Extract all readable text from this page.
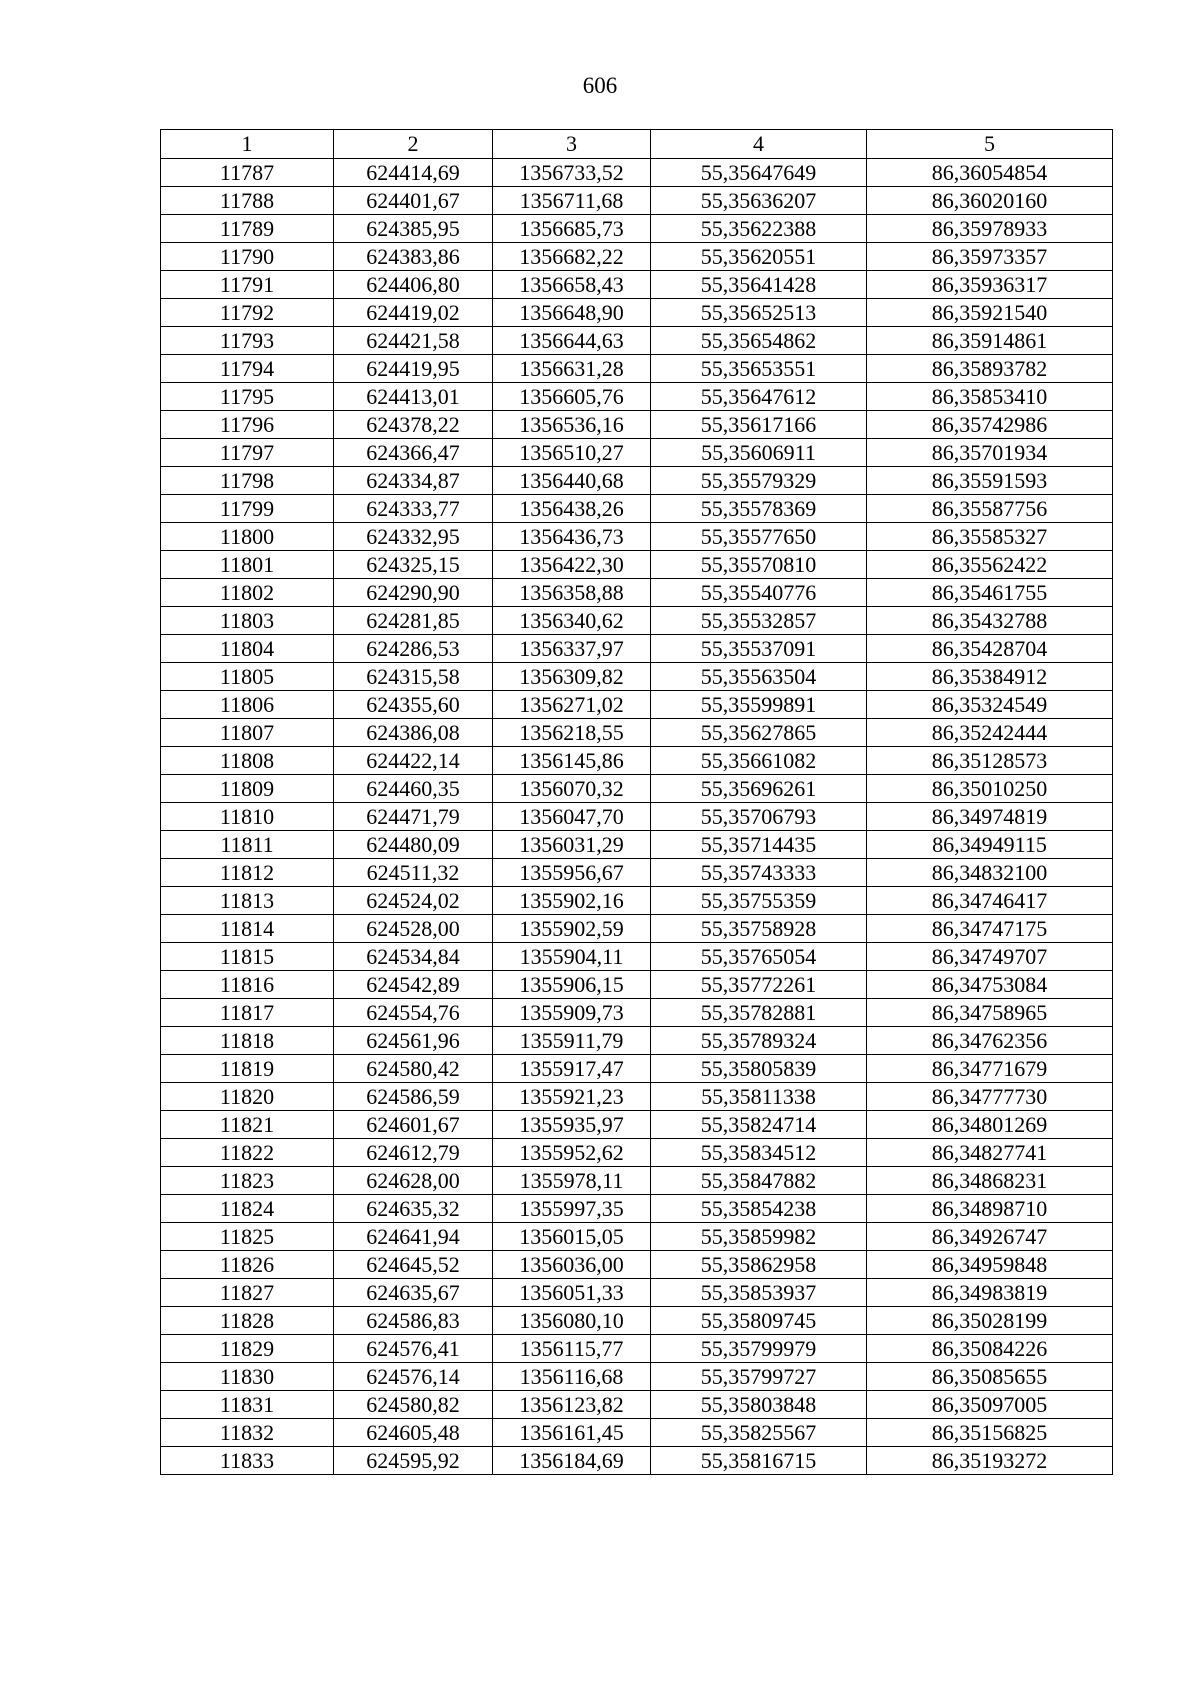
606
1	2	3	4	5
11787	624414,69	1356733,52	55,35647649	86,36054854
11788	624401,67	1356711,68	55,35636207	86,36020160
11789	624385,95	1356685,73	55,35622388	86,35978933
11790	624383,86	1356682,22	55,35620551	86,35973357
11791	624406,80	1356658,43	55,35641428	86,35936317
11792	624419,02	1356648,90	55,35652513	86,35921540
11793	624421,58	1356644,63	55,35654862	86,35914861
11794	624419,95	1356631,28	55,35653551	86,35893782
11795	624413,01	1356605,76	55,35647612	86,35853410
11796	624378,22	1356536,16	55,35617166	86,35742986
11797	624366,47	1356510,27	55,35606911	86,35701934
11798	624334,87	1356440,68	55,35579329	86,35591593
11799	624333,77	1356438,26	55,35578369	86,35587756
11800	624332,95	1356436,73	55,35577650	86,35585327
11801	624325,15	1356422,30	55,35570810	86,35562422
11802	624290,90	1356358,88	55,35540776	86,35461755
11803	624281,85	1356340,62	55,35532857	86,35432788
11804	624286,53	1356337,97	55,35537091	86,35428704
11805	624315,58	1356309,82	55,35563504	86,35384912
11806	624355,60	1356271,02	55,35599891	86,35324549
11807	624386,08	1356218,55	55,35627865	86,35242444
11808	624422,14	1356145,86	55,35661082	86,35128573
11809	624460,35	1356070,32	55,35696261	86,35010250
11810	624471,79	1356047,70	55,35706793	86,34974819
11811	624480,09	1356031,29	55,35714435	86,34949115
11812	624511,32	1355956,67	55,35743333	86,34832100
11813	624524,02	1355902,16	55,35755359	86,34746417
11814	624528,00	1355902,59	55,35758928	86,34747175
11815	624534,84	1355904,11	55,35765054	86,34749707
11816	624542,89	1355906,15	55,35772261	86,34753084
11817	624554,76	1355909,73	55,35782881	86,34758965
11818	624561,96	1355911,79	55,35789324	86,34762356
11819	624580,42	1355917,47	55,35805839	86,34771679
11820	624586,59	1355921,23	55,35811338	86,34777730
11821	624601,67	1355935,97	55,35824714	86,34801269
11822	624612,79	1355952,62	55,35834512	86,34827741
11823	624628,00	1355978,11	55,35847882	86,34868231
11824	624635,32	1355997,35	55,35854238	86,34898710
11825	624641,94	1356015,05	55,35859982	86,34926747
11826	624645,52	1356036,00	55,35862958	86,34959848
11827	624635,67	1356051,33	55,35853937	86,34983819
11828	624586,83	1356080,10	55,35809745	86,35028199
11829	624576,41	1356115,77	55,35799979	86,35084226
11830	624576,14	1356116,68	55,35799727	86,35085655
11831	624580,82	1356123,82	55,35803848	86,35097005
11832	624605,48	1356161,45	55,35825567	86,35156825
11833	624595,92	1356184,69	55,35816715	86,35193272
